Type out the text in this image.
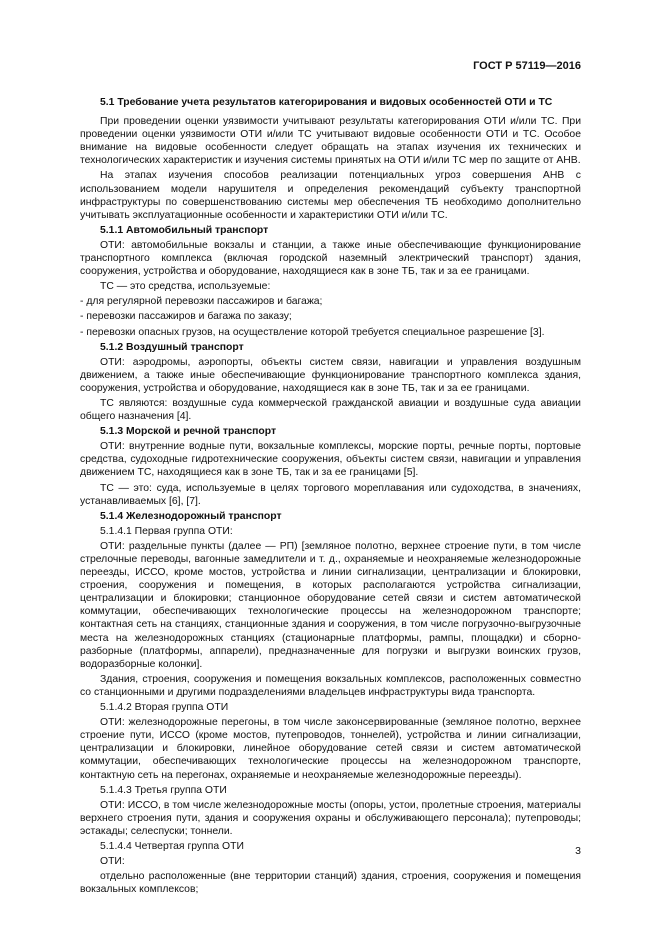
ГОСТ Р 57119—2016
5.1 Требование учета результатов категорирования и видовых особенностей ОТИ и ТС
При проведении оценки уязвимости учитывают результаты категорирования ОТИ и/или ТС. При проведении оценки уязвимости ОТИ и/или ТС учитывают видовые особенности ОТИ и ТС. Особое внимание на видовые особенности следует обращать на этапах изучения их технических и технологических характеристик и изучения системы принятых на ОТИ и/или ТС мер по защите от АНВ.
На этапах изучения способов реализации потенциальных угроз совершения АНВ с использованием модели нарушителя и определения рекомендаций субъекту транспортной инфраструктуры по совершенствованию системы мер обеспечения ТБ необходимо дополнительно учитывать эксплуатационные особенности и характеристики ОТИ и/или ТС.
5.1.1 Автомобильный транспорт
ОТИ: автомобильные вокзалы и станции, а также иные обеспечивающие функционирование транспортного комплекса (включая городской наземный электрический транспорт) здания, сооружения, устройства и оборудование, находящиеся как в зоне ТБ, так и за ее границами.
ТС — это средства, используемые:
- для регулярной перевозки пассажиров и багажа;
- перевозки пассажиров и багажа по заказу;
- перевозки опасных грузов, на осуществление которой требуется специальное разрешение [3].
5.1.2 Воздушный транспорт
ОТИ: аэродромы, аэропорты, объекты систем связи, навигации и управления воздушным движением, а также иные обеспечивающие функционирование транспортного комплекса здания, сооружения, устройства и оборудование, находящиеся как в зоне ТБ, так и за ее границами.
ТС являются: воздушные суда коммерческой гражданской авиации и воздушные суда авиации общего назначения [4].
5.1.3 Морской и речной транспорт
ОТИ: внутренние водные пути, вокзальные комплексы, морские порты, речные порты, портовые средства, судоходные гидротехнические сооружения, объекты систем связи, навигации и управления движением ТС, находящиеся как в зоне ТБ, так и за ее границами [5].
ТС — это: суда, используемые в целях торгового мореплавания или судоходства, в значениях, устанавливаемых [6], [7].
5.1.4 Железнодорожный транспорт
5.1.4.1 Первая группа ОТИ:
ОТИ: раздельные пункты (далее — РП) [земляное полотно, верхнее строение пути, в том числе стрелочные переводы, вагонные замедлители и т. д., охраняемые и неохраняемые железнодорожные переезды, ИССО, кроме мостов, устройства и линии сигнализации, централизации и блокировки, строения, сооружения и помещения, в которых располагаются устройства сигнализации, централизации и блокировки; станционное оборудование сетей связи и систем автоматической коммутации, обеспечивающих технологические процессы на железнодорожном транспорте; контактная сеть на станциях, станционные здания и сооружения, в том числе погрузочно-выгрузочные места на железнодорожных станциях (стационарные платформы, рампы, площадки) и сборно-разборные (платформы, аппарели), предназначенные для погрузки и выгрузки воинских грузов, водоразборные колонки].
Здания, строения, сооружения и помещения вокзальных комплексов, расположенных совместно со станционными и другими подразделениями владельцев инфраструктуры вида транспорта.
5.1.4.2 Вторая группа ОТИ
ОТИ: железнодорожные перегоны, в том числе законсервированные (земляное полотно, верхнее строение пути, ИССО (кроме мостов, путепроводов, тоннелей), устройства и линии сигнализации, централизации и блокировки, линейное оборудование сетей связи и систем автоматической коммутации, обеспечивающих технологические процессы на железнодорожном транспорте, контактную сеть на перегонах, охраняемые и неохраняемые железнодорожные переезды).
5.1.4.3 Третья группа ОТИ
ОТИ: ИССО, в том числе железнодорожные мосты (опоры, устои, пролетные строения, материалы верхнего строения пути, здания и сооружения охраны и обслуживающего персонала); путепроводы; эстакады; селеспуски; тоннели.
5.1.4.4 Четвертая группа ОТИ
ОТИ:
отдельно расположенные (вне территории станций) здания, строения, сооружения и помещения вокзальных комплексов;
3
